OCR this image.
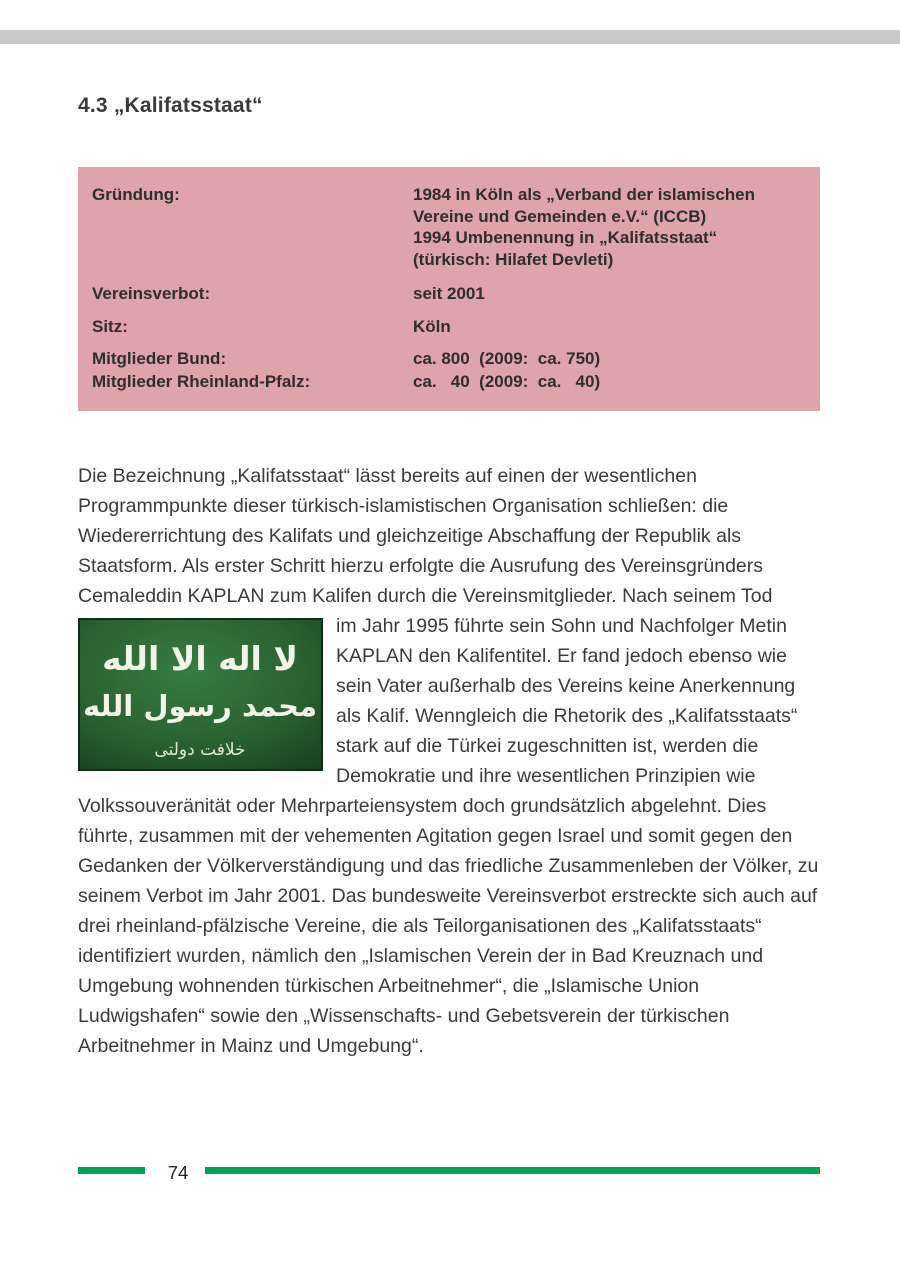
4.3 „Kalifatsstaat“
Gründung:	1984 in Köln als „Verband der islamischen
Vereine und Gemeinden e.V.“ (ICCB)
1994 Umbenennung in „Kalifatsstaat“
(türkisch: Hilafet Devleti)
Vereinsverbot:	seit 2001
Sitz:	Köln
Mitglieder Bund:	ca. 800  (2009:  ca. 750)
Mitglieder Rheinland-Pfalz:	ca.   40  (2009:  ca.   40)

Die Bezeichnung „Kalifatsstaat“ lässt bereits auf einen der wesentlichen Programmpunkte dieser türkisch-islamistischen Organisation schließen: die Wiedererrichtung des Kalifats und gleichzeitige Abschaffung der Republik als Staatsform. Als erster Schritt hierzu erfolgte die Ausrufung des Vereinsgründers Cemaleddin KAPLAN zum Kalifen durch die Vereinsmitglieder. Nach seinem Tod

لا اله الا الله
محمد رسول الله
خلافت دولتى
im Jahr 1995 führte sein Sohn und Nachfolger Metin KAPLAN den Kalifentitel. Er fand jedoch ebenso wie sein Vater außerhalb des Vereins keine Anerkennung als Kalif. Wenngleich die Rhetorik des „Kalifatsstaats“ stark auf die Türkei zugeschnitten ist, werden die Demokratie und ihre wesentlichen Prinzipien wie Volkssouveränität oder Mehrparteiensystem doch grundsätzlich abgelehnt. Dies führte, zusammen mit der vehementen Agitation gegen Israel und somit gegen den Gedanken der Völkerverständigung und das friedliche Zusammenleben der Völker, zu seinem Verbot im Jahr 2001. Das bundesweite Vereinsverbot erstreckte sich auch auf drei rheinland-pfälzische Vereine, die als Teilorganisationen des „Kalifatsstaats“ identifiziert wurden, nämlich den „Islamischen Verein der in Bad Kreuznach und Umgebung wohnenden türkischen Arbeitnehmer“, die „Islamische Union Ludwigshafen“ sowie den „Wissenschafts- und Gebetsverein der türkischen Arbeitnehmer in Mainz und Umgebung“.

74
